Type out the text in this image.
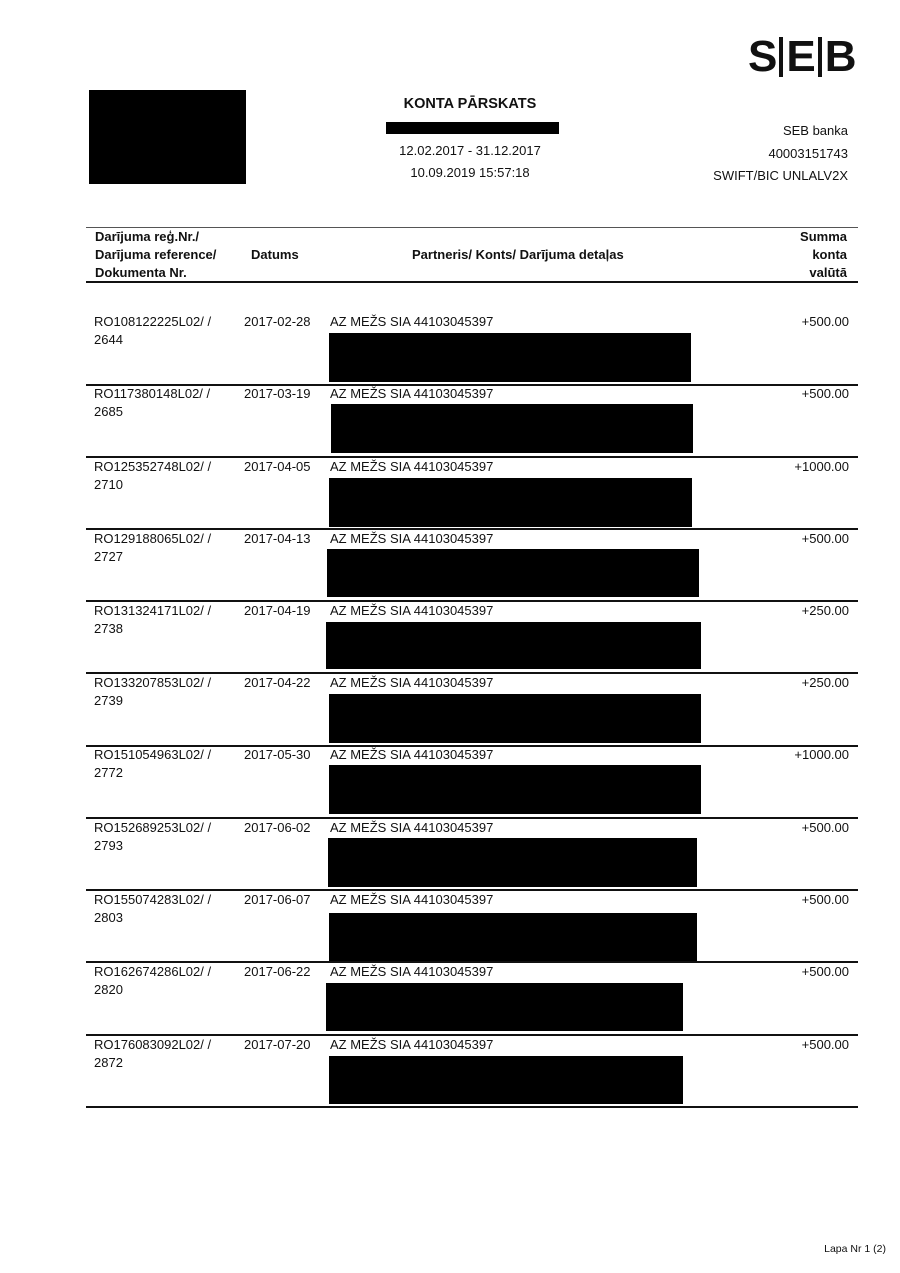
S E B
KONTA PĀRSKATS
12.02.2017 - 31.12.2017
10.09.2019 15:57:18
SEB banka
40003151743
SWIFT/BIC UNLALV2X
Darījuma reģ.Nr./
Darījuma reference/
Dokumenta Nr.
Datums	Partneris/ Konts/ Darījuma detaļas
Summa
konta
valūtā
RO108122225L02/ /
2644
2017-02-28 AZ MEŽS SIA 44103045397	+500.00
RO117380148L02/ /
2685
2017-03-19 AZ MEŽS SIA 44103045397	+500.00
RO125352748L02/ /
2710
2017-04-05 AZ MEŽS SIA 44103045397	+1000.00
RO129188065L02/ /
2727
2017-04-13 AZ MEŽS SIA 44103045397	+500.00
RO131324171L02/ /
2738
2017-04-19 AZ MEŽS SIA 44103045397	+250.00
RO133207853L02/ /
2739
2017-04-22 AZ MEŽS SIA 44103045397	+250.00
RO151054963L02/ /
2772
2017-05-30 AZ MEŽS SIA 44103045397	+1000.00
RO152689253L02/ /
2793
2017-06-02 AZ MEŽS SIA 44103045397	+500.00
RO155074283L02/ /
2803
2017-06-07 AZ MEŽS SIA 44103045397	+500.00
RO162674286L02/ /
2820
2017-06-22 AZ MEŽS SIA 44103045397	+500.00
RO176083092L02/ /
2872
2017-07-20 AZ MEŽS SIA 44103045397	+500.00
Lapa Nr 1 (2)
